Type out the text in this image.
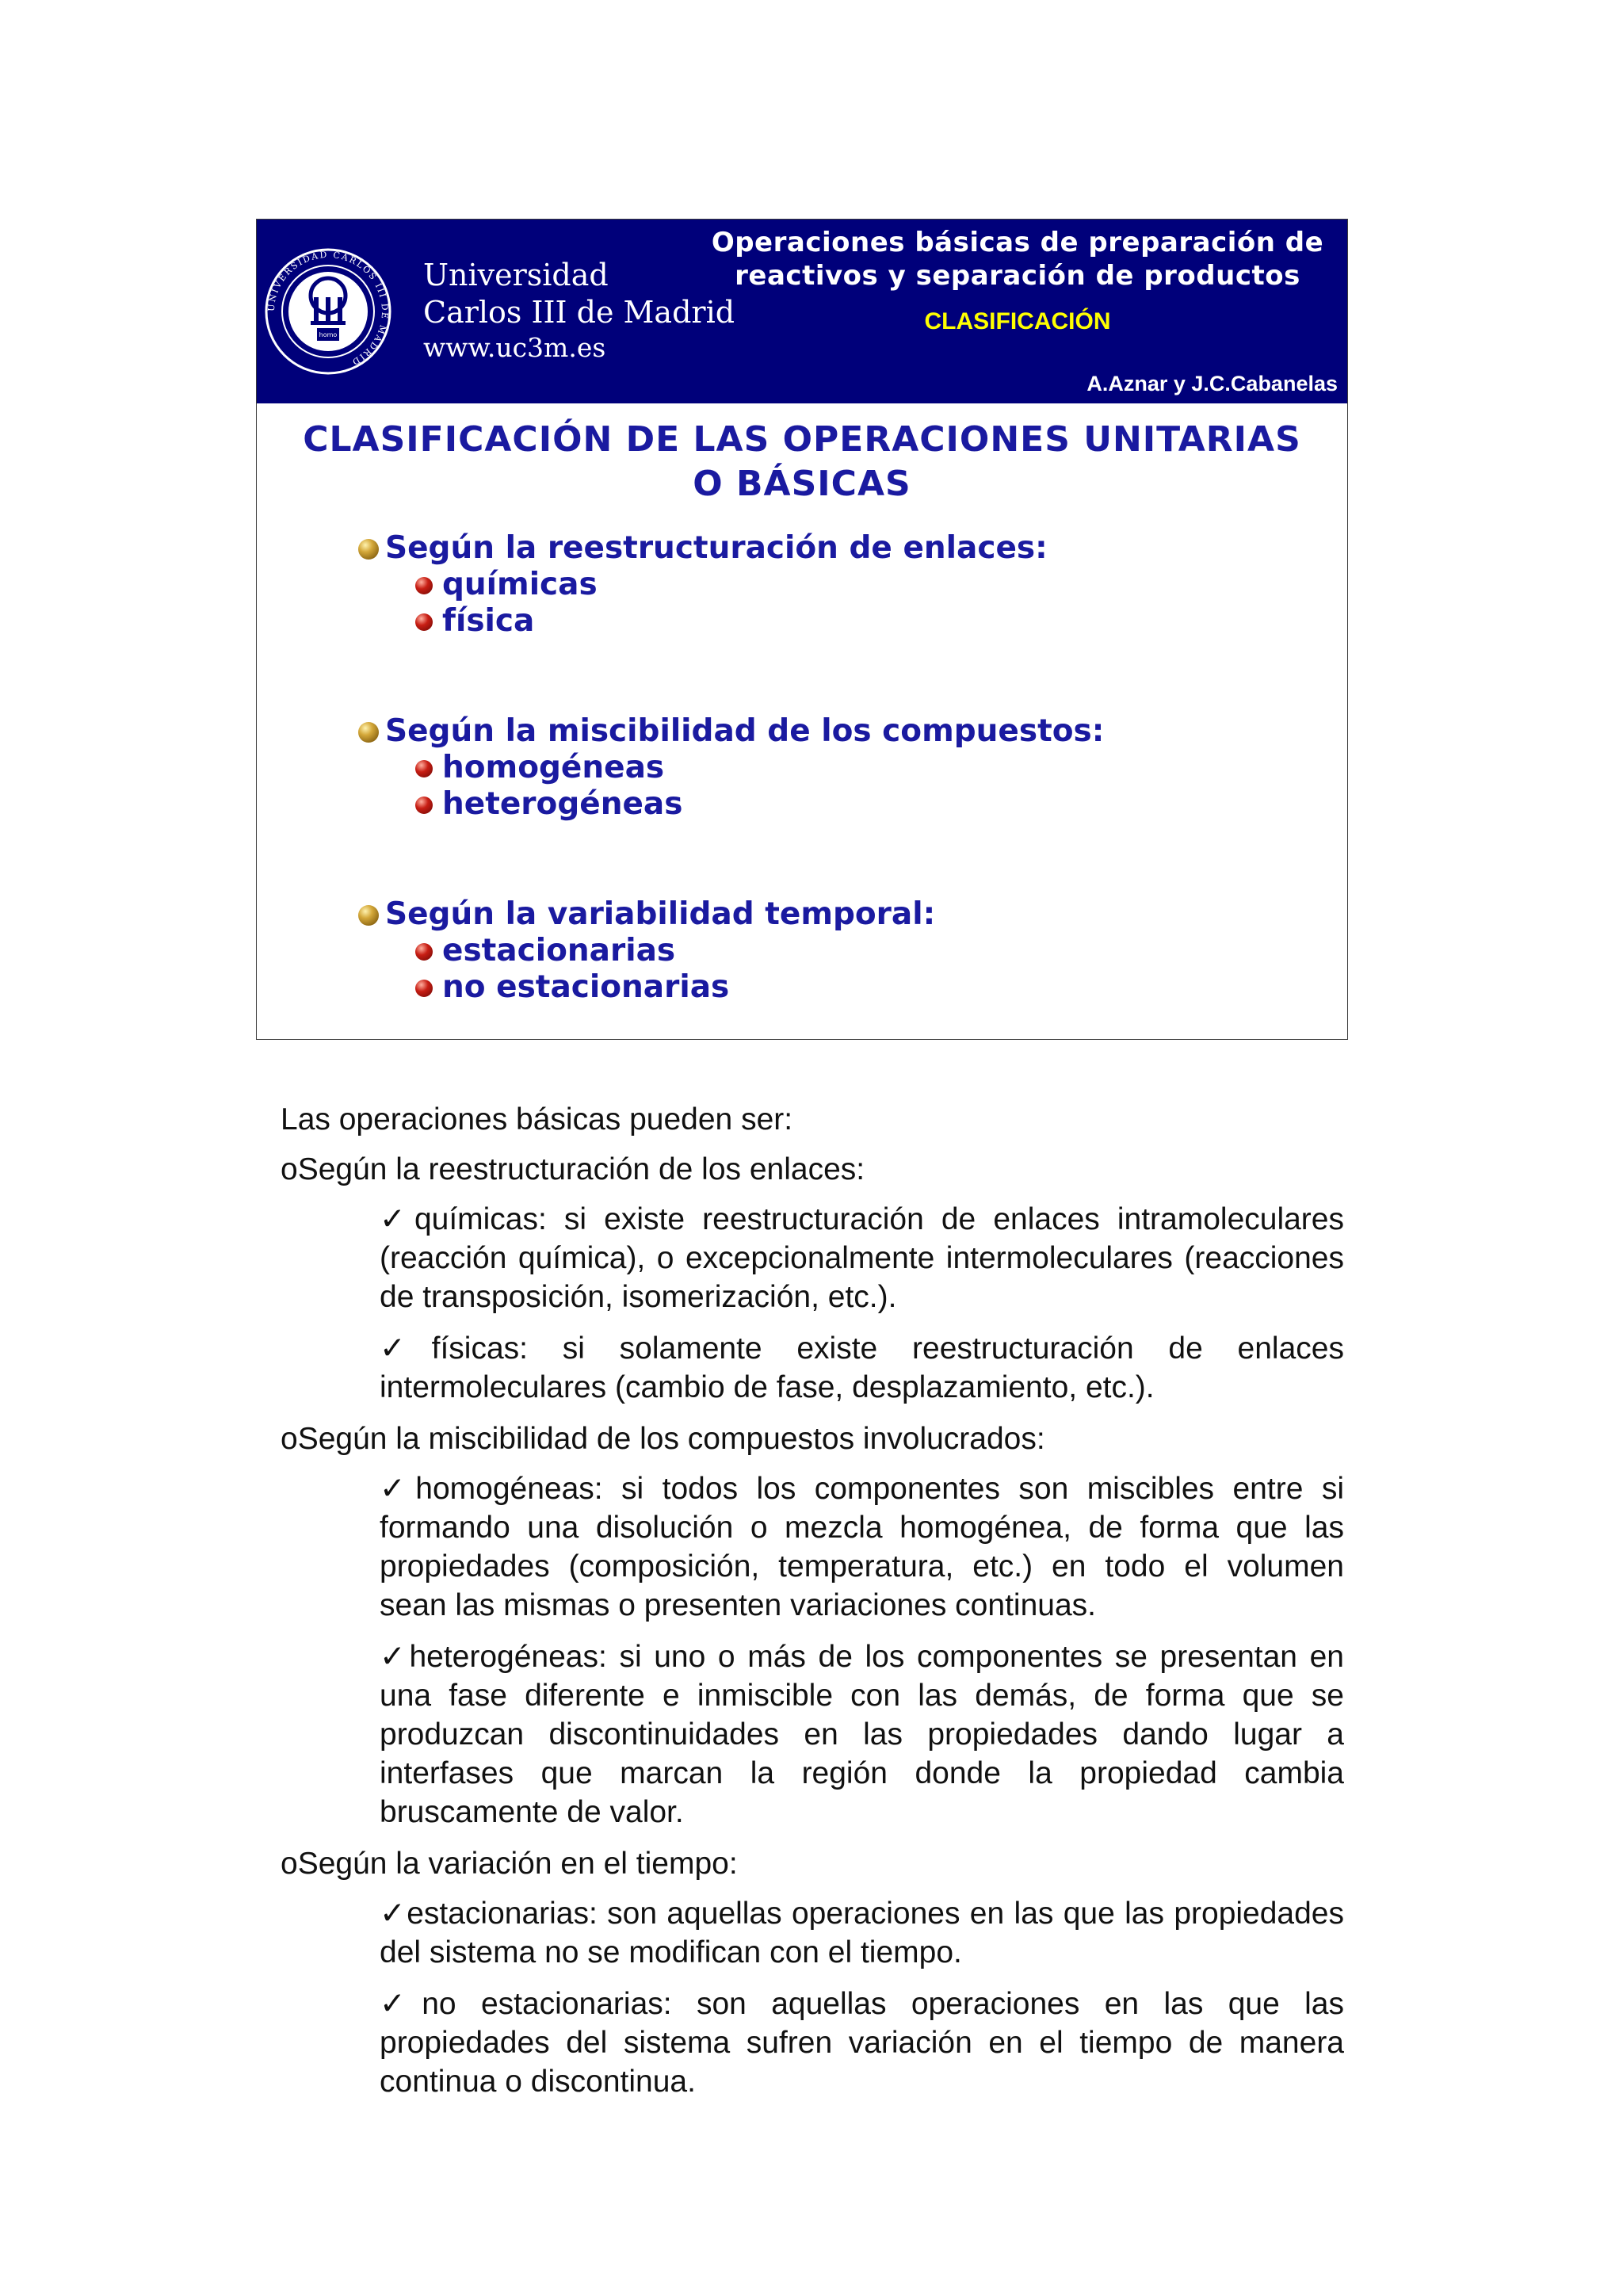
homo
UNIVERSIDAD CARLOS III DE MADRID
Universidad
Carlos III de Madrid
www.uc3m.es
Operaciones básicas de preparación de
reactivos y separación de productos
CLASIFICACIÓN
A.Aznar y J.C.Cabanelas
CLASIFICACIÓN DE LAS OPERACIONES UNITARIAS
O BÁSICAS
Según la reestructuración de enlaces:
químicas
física
Según la miscibilidad de los compuestos:
homogéneas
heterogéneas
Según la variabilidad temporal:
estacionarias
no estacionarias

Las operaciones básicas pueden ser:

oSegún la reestructuración de los enlaces:

✓químicas: si existe reestructuración de enlaces intramoleculares (reacción química), o excepcionalmente intermoleculares (reacciones de transposición, isomerización, etc.).

✓físicas: si solamente existe reestructuración de enlaces intermoleculares (cambio de fase, desplazamiento, etc.).

oSegún la miscibilidad de los compuestos involucrados:

✓homogéneas: si todos los componentes son miscibles entre si formando una disolución o mezcla homogénea, de forma que las propiedades (composición, temperatura, etc.) en todo el volumen sean las mismas o presenten variaciones continuas.

✓heterogéneas: si uno o más de los componentes se presentan en una fase diferente e inmiscible con las demás, de forma que se produzcan discontinuidades en las propiedades dando lugar a interfases que marcan la región donde la propiedad cambia bruscamente de valor.

oSegún la variación en el tiempo:

✓estacionarias: son aquellas operaciones en las que las propiedades del sistema no se modifican con el tiempo.

✓no estacionarias: son aquellas operaciones en las que las propiedades del sistema sufren variación en el tiempo de manera continua o discontinua.
